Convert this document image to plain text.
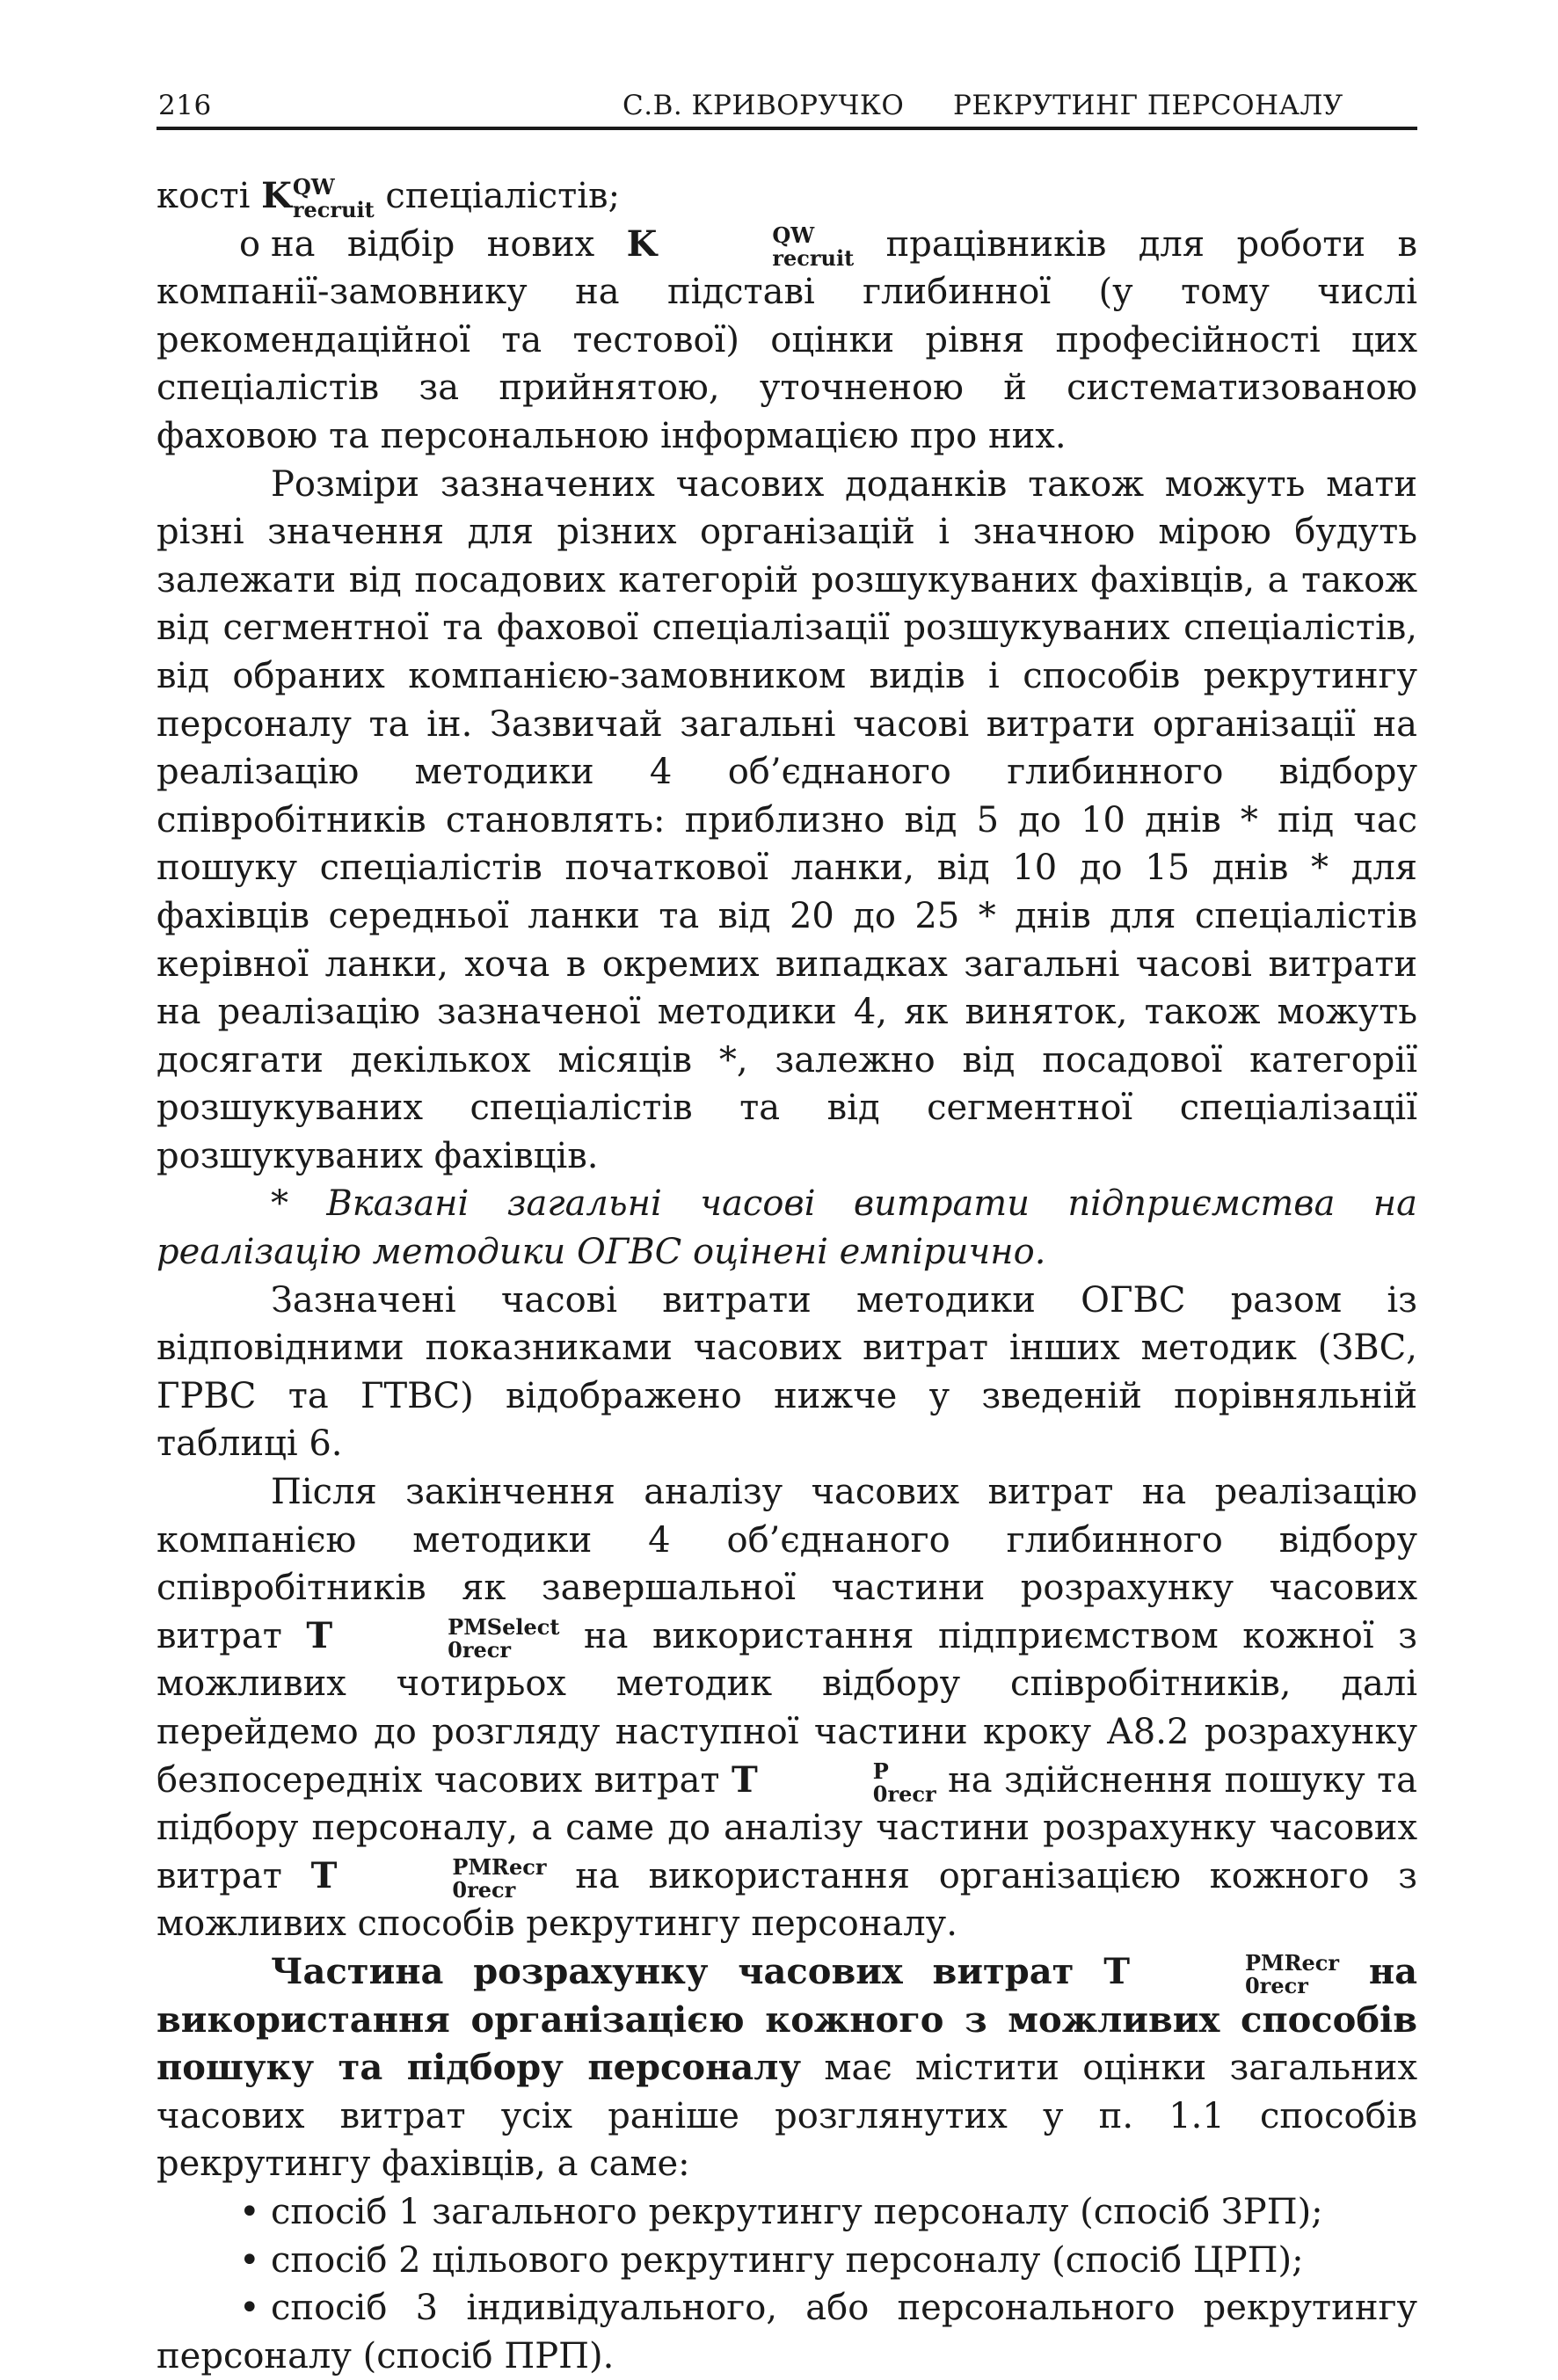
216	С.В. КРИВОРУЧКО РЕКРУТИНГ ПЕРСОНАЛУ

кості K QW
recruit спеціалістів;

o на відбір нових K	QW
recruit працівників для роботи в компанії-замовнику на підставі глибинної (у тому числі рекомендаційної та тестової) оцінки рівня професійності цих спеціалістів за прийнятою, уточненою й систематизованою фаховою та персональною інформацією про них.

Розміри зазначених часових доданків також можуть мати різні значення для різних організацій і значною мірою будуть залежати від посадових категорій розшукуваних фахівців, а також від сегментної та фахової спеціалізації розшукуваних спеціалістів, від обраних компанією-замовником видів і способів рекрутингу персоналу та ін. Зазвичай загальні часові витрати організації на реалізацію методики 4 об’єднаного глибинного відбору співробітників становлять: приблизно від 5 до 10 днів * під час пошуку спеціалістів початкової ланки, від 10 до 15 днів * для фахівців середньої ланки та від 20 до 25 * днів для спеціалістів керівної ланки, хоча в окремих випадках загальні часові витрати на реалізацію зазначеної методики 4, як виняток, також можуть досягати декількох місяців *, залежно від посадової категорії розшукуваних спеціалістів та від сегментної спеціалізації розшукуваних фахівців.

* Вказані загальні часові витрати підприємства на реалізацію методики ОГВС оцінені емпірично.

Зазначені часові витрати методики ОГВС разом із відповідними показниками часових витрат інших методик (ЗВС, ГРВС та ГТВС) відображено нижче у зведеній порівняльній таблиці 6.

Після закінчення аналізу часових витрат на реалізацію компанією методики 4 об’єднаного глибинного відбору співробітників як завершальної частини розрахунку часових витрат T	PMSelect
0recr	на використання підприємством кожної з можливих чотирьох методик відбору співробітників, далі перейдемо до розгляду наступної частини кроку А8.2 розрахунку безпосередніх часових витрат T	P
0recr на здійснення пошуку та підбору персоналу, а саме до аналізу частини розрахунку часових витрат T	PMRecr
0recr на використання організацією кожного з можливих способів рекрутингу персоналу.

Частина розрахунку часових витрат T	PMRecr
0recr на використання організацією кожного з можливих способів пошуку та підбору персоналу має містити оцінки загальних часових витрат усіх раніше розглянутих у п. 1.1 способів рекрутингу фахівців, а саме:

• спосіб 1 загального рекрутингу персоналу (спосіб ЗРП);

• спосіб 2 цільового рекрутингу персоналу (спосіб ЦРП);

• спосіб 3 індивідуального, або персонального рекрутингу персоналу (спосіб ПРП).
